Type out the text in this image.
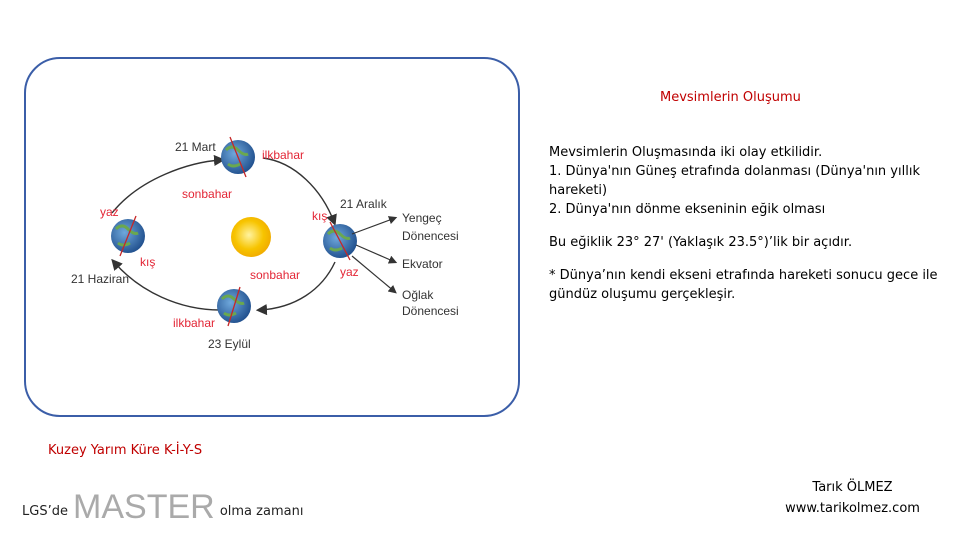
21 Mart
21 Aralık
21 Haziran
23 Eylül
ilkbahar
sonbahar
kış
yaz
yaz
kış
sonbahar
ilkbahar
Yengeç
Dönencesi
Ekvator
Oğlak
Dönencesi
Mevsimlerin Oluşumu

Mevsimlerin Oluşmasında iki olay etkilidir.

1. Dünya'nın Güneş etrafında dolanması (Dünya'nın yıllık hareketi)

2. Dünya'nın dönme ekseninin eğik olması

Bu eğiklik 23° 27' (Yaklaşık 23.5°)’lik bir açıdır.

* Dünya’nın kendi ekseni etrafında hareketi sonucu gece ile gündüz oluşumu gerçekleşir.

Kuzey Yarım Küre K-İ-Y-S
LGS’de MASTER olma zamanı
Tarık ÖLMEZ
www.tarikolmez.com
